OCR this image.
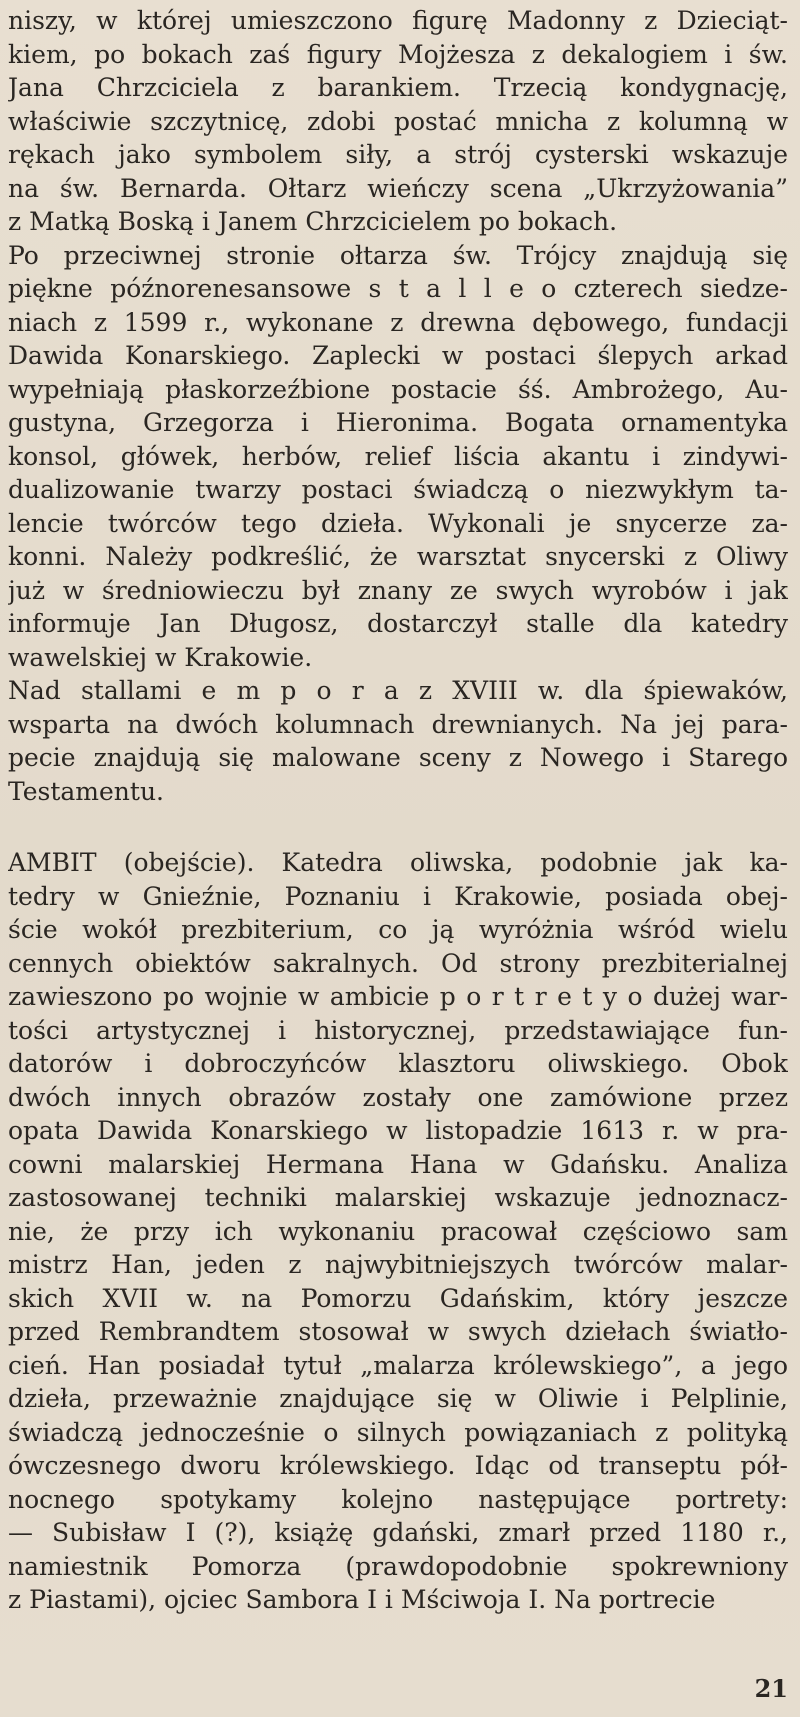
niszy, w której umieszczono figurę Madonny z Dzieciąt-
kiem, po bokach zaś figury Mojżesza z dekalogiem i św.
Jana Chrzciciela z barankiem. Trzecią kondygnację,
właściwie szczytnicę, zdobi postać mnicha z kolumną w
rękach jako symbolem siły, a strój cysterski wskazuje
na św. Bernarda. Ołtarz wieńczy scena „Ukrzyżowania”
z Matką Boską i Janem Chrzcicielem po bokach.
Po przeciwnej stronie ołtarza św. Trójcy znajdują się
piękne późnorenesansowe s t a l l e o czterech siedze-
niach z 1599 r., wykonane z drewna dębowego, fundacji
Dawida Konarskiego. Zaplecki w postaci ślepych arkad
wypełniają płaskorzeźbione postacie śś. Ambrożego, Au-
gustyna, Grzegorza i Hieronima. Bogata ornamentyka
konsol, główek, herbów, relief liścia akantu i zindywi-
dualizowanie twarzy postaci świadczą o niezwykłym ta-
lencie twórców tego dzieła. Wykonali je snycerze za-
konni. Należy podkreślić, że warsztat snycerski z Oliwy
już w średniowieczu był znany ze swych wyrobów i jak
informuje Jan Długosz, dostarczył stalle dla katedry
wawelskiej w Krakowie.
Nad stallami e m p o r a z XVIII w. dla śpiewaków,
wsparta na dwóch kolumnach drewnianych. Na jej para-
pecie znajdują się malowane sceny z Nowego i Starego
Testamentu.
AMBIT (obejście). Katedra oliwska, podobnie jak ka-
tedry w Gnieźnie, Poznaniu i Krakowie, posiada obej-
ście wokół prezbiterium, co ją wyróżnia wśród wielu
cennych obiektów sakralnych. Od strony prezbiterialnej
zawieszono po wojnie w ambicie p o r t r e t y o dużej war-
tości artystycznej i historycznej, przedstawiające fun-
datorów i dobroczyńców klasztoru oliwskiego. Obok
dwóch innych obrazów zostały one zamówione przez
opata Dawida Konarskiego w listopadzie 1613 r. w pra-
cowni malarskiej Hermana Hana w Gdańsku. Analiza
zastosowanej techniki malarskiej wskazuje jednoznacz-
nie, że przy ich wykonaniu pracował częściowo sam
mistrz Han, jeden z najwybitniejszych twórców malar-
skich XVII w. na Pomorzu Gdańskim, który jeszcze
przed Rembrandtem stosował w swych dziełach światło-
cień. Han posiadał tytuł „malarza królewskiego”, a jego
dzieła, przeważnie znajdujące się w Oliwie i Pelplinie,
świadczą jednocześnie o silnych powiązaniach z polityką
ówczesnego dworu królewskiego. Idąc od transeptu pół-
nocnego spotykamy kolejno następujące portrety:
— Subisław I (?), książę gdański, zmarł przed 1180 r.,
namiestnik Pomorza (prawdopodobnie spokrewniony
z Piastami), ojciec Sambora I i Mściwoja I. Na portrecie
21
